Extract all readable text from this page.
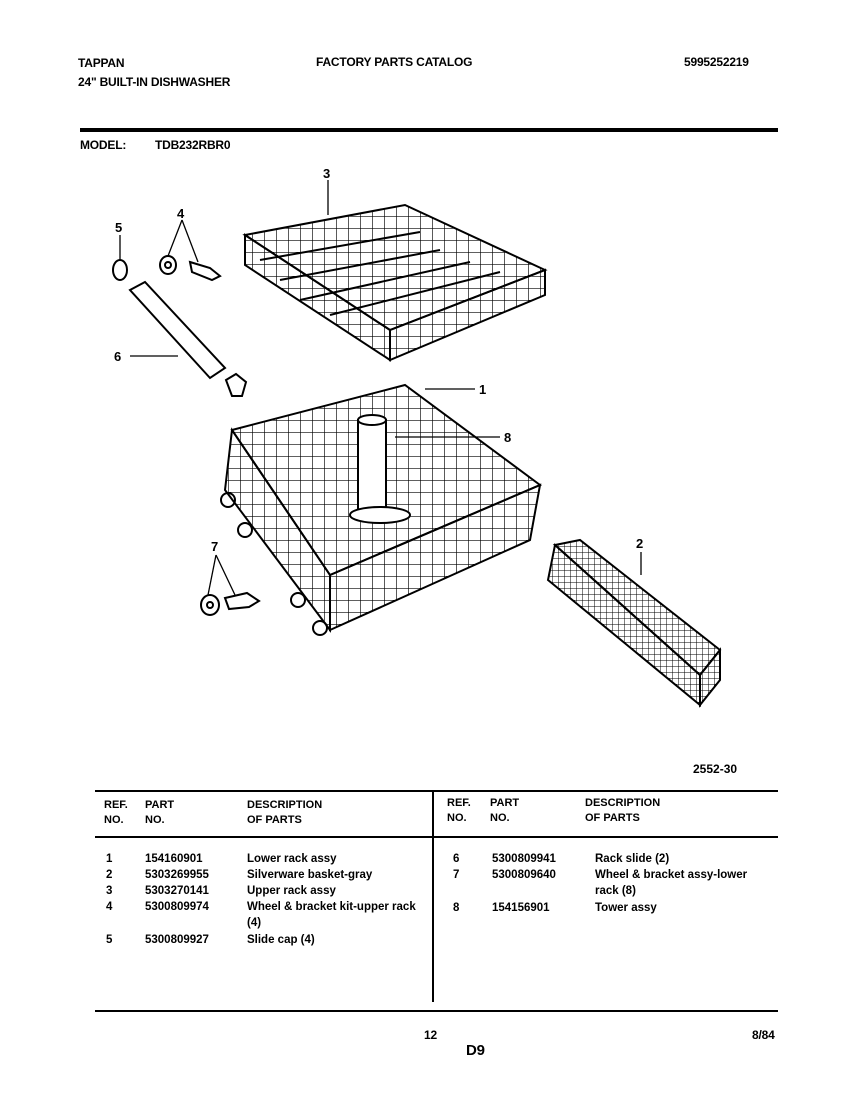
TAPPAN
24" BUILT-IN DISHWASHER
FACTORY PARTS CATALOG	5995252219
MODEL: TDB232RBR0
3
4
5
6
1
8
7	2
2552-30
REF.
NO.
PART
NO.
DESCRIPTION
OF PARTS
REF.
NO.
PART
NO.
DESCRIPTION
OF PARTS
1	154160901	Lower rack assy
2	5303269955	Silverware basket-gray
3	5303270141	Upper rack assy
4	5300809974	Wheel & bracket kit-upper rack (4)
5	5300809927	Slide cap (4)
6	5300809941	Rack slide (2)
7	5300809640	Wheel & bracket assy-lower rack (8)
8	154156901	Tower assy
12
D9
8/84
